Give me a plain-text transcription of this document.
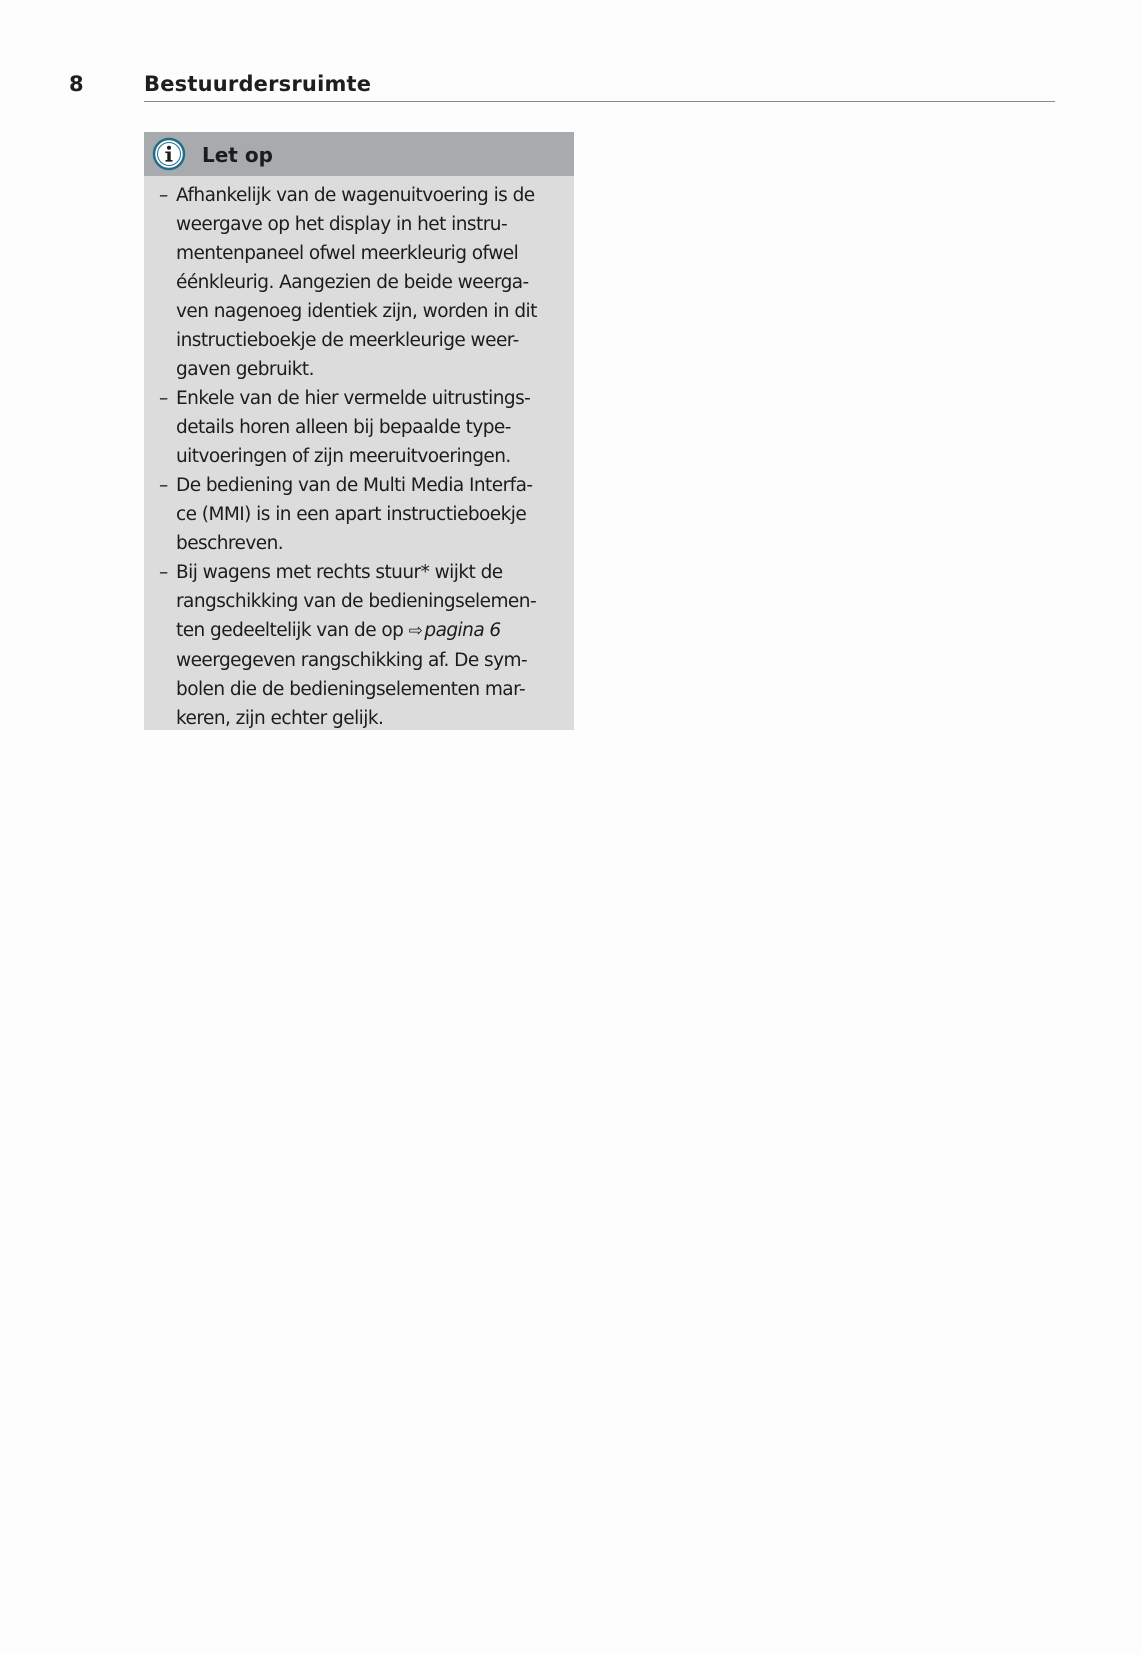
8	Bestuurdersruimte
Let op
– Afhankelijk van de wagenuitvoering is de
weergave op het display in het instru-
mentenpaneel ofwel meerkleurig ofwel
éénkleurig. Aangezien de beide weerga-
ven nagenoeg identiek zijn, worden in dit
instructieboekje de meerkleurige weer-
gaven gebruikt.
– Enkele van de hier vermelde uitrustings-
details horen alleen bij bepaalde type-
uitvoeringen of zijn meeruitvoeringen.
– De bediening van de Multi Media Interfa-
ce (MMI) is in een apart instructieboekje
beschreven.
– Bij wagens met rechts stuur* wijkt de
rangschikking van de bedieningselemen-
ten gedeeltelijk van de op ⇨ pagina 6
weergegeven rangschikking af. De sym-
bolen die de bedieningselementen mar-
keren, zijn echter gelijk.
